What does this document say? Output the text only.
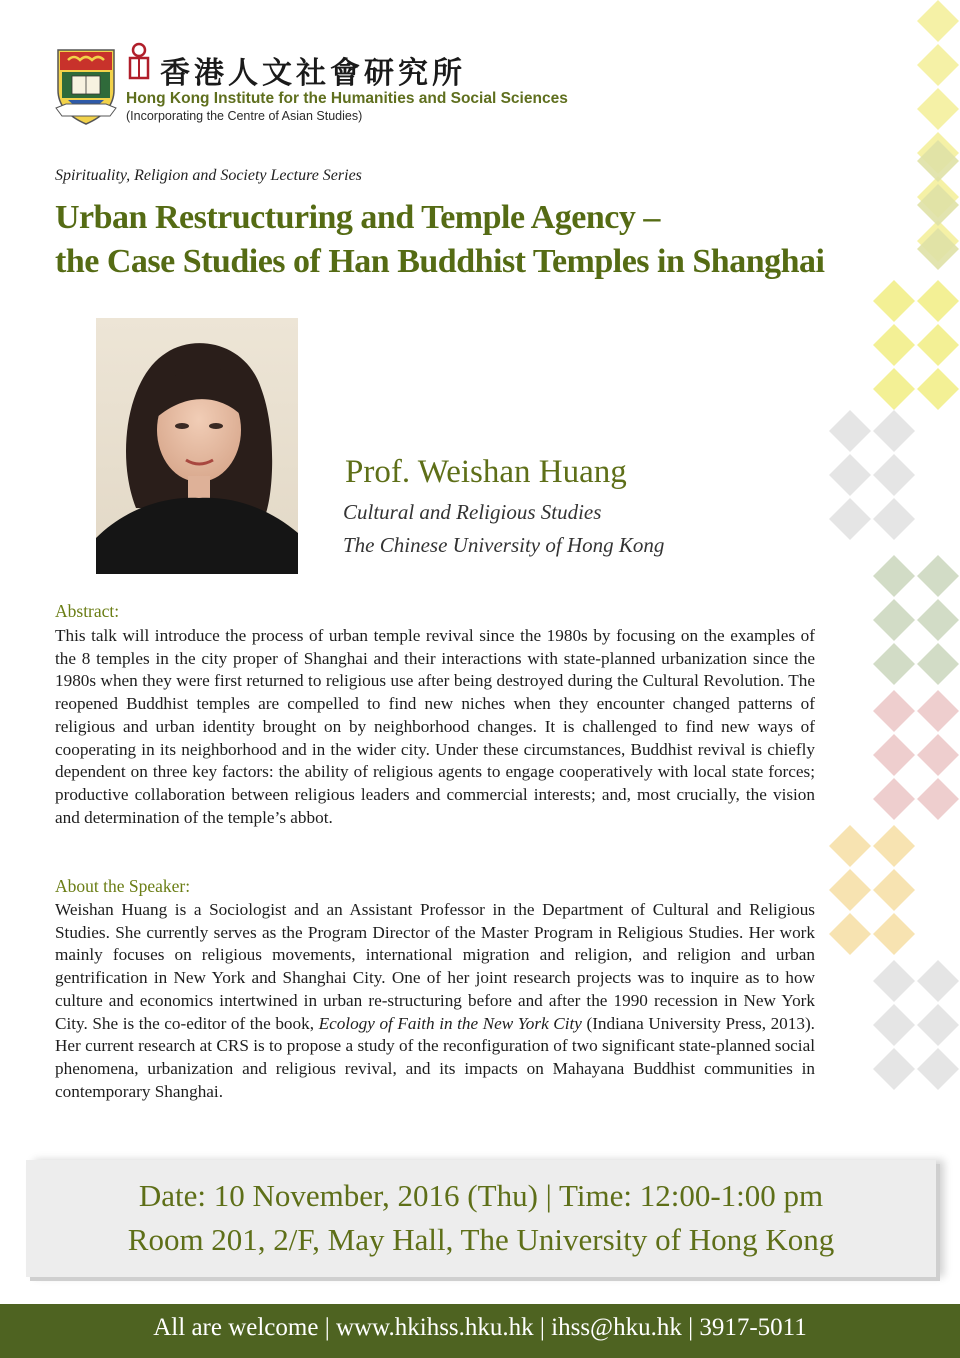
香港人文社會研究所
Hong Kong Institute for the Humanities and Social Sciences
(Incorporating the Centre of Asian Studies)
Spirituality, Religion and Society Lecture Series
Urban Restructuring and Temple Agency –
the Case Studies of Han Buddhist Temples in Shanghai
Prof. Weishan Huang
Cultural and Religious Studies
The Chinese University of Hong Kong
Abstract:
This talk will introduce the process of urban temple revival since the 1980s by focusing on the examples of the 8 temples in the city proper of Shanghai and their interactions with state-planned urbanization since the 1980s when they were first returned to religious use after being destroyed during the Cultural Revolution. The reopened Buddhist temples are compelled to find new niches when they encounter changed patterns of religious and urban identity brought on by neighborhood changes. It is challenged to find new ways of cooperating in its neighborhood and in the wider city. Under these circumstances, Buddhist revival is chiefly dependent on three key factors: the ability of religious agents to engage cooperatively with local state forces; productive collaboration between religious leaders and commercial interests; and, most crucially, the vision and determination of the temple’s abbot.
About the Speaker:
Weishan Huang is a Sociologist and an Assistant Professor in the Department of Cultural and Religious Studies. She currently serves as the Program Director of the Master Program in Religious Studies. Her work mainly focuses on religious movements, international migration and religion, and religion and urban gentrification in New York and Shanghai City. One of her joint research projects was to inquire as to how culture and economics intertwined in urban re-structuring before and after the 1990 recession in New York City. She is the co-editor of the book, Ecology of Faith in the New York City (Indiana University Press, 2013). Her current research at CRS is to propose a study of the reconfiguration of two significant state-planned social phenomena, urbanization and religious revival, and its impacts on Mahayana Buddhist communities in contemporary Shanghai.
Date: 10 November, 2016 (Thu) | Time: 12:00-1:00 pm
Room 201, 2/F, May Hall, The University of Hong Kong
All are welcome | www.hkihss.hku.hk | ihss@hku.hk | 3917-5011
